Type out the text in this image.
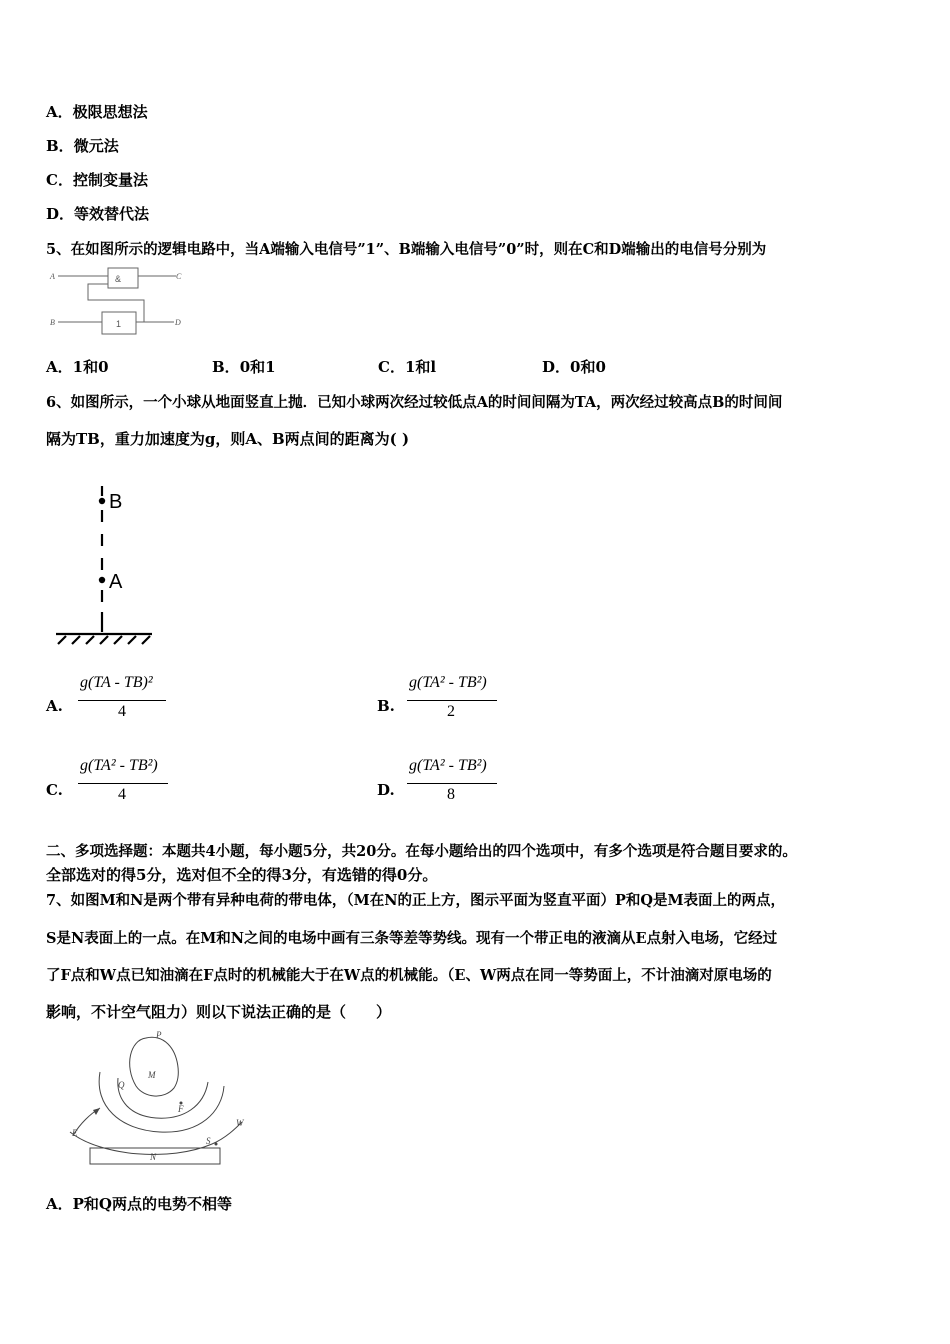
A．极限思想法
B．微元法
C．控制变量法
D．等效替代法
5、在如图所示的逻辑电路中，当A端输入电信号”1”、B端输入电信号”0”时，则在C和D端输出的电信号分别为
&
1
A
B
C
D
A．1和0	B．0和1	C．1和l	D．0和0
6、如图所示，一个小球从地面竖直上抛．已知小球两次经过较低点A的时间间隔为TA，两次经过较高点B的时间间
隔为TB，重力加速度为g，则A、B两点间的距离为( )
B
A
A.
g(TA - TB)²
4	B.
g(TA² - TB²)
2
C.
g(TA² - TB²)
4	D.
g(TA² - TB²)
8
二、多项选择题：本题共4小题，每小题5分，共20分。在每小题给出的四个选项中，有多个选项是符合题目要求的。
全部选对的得5分，选对但不全的得3分，有选错的得0分。
7、如图M和N是两个带有异种电荷的带电体，（M在N的正上方，图示平面为竖直平面）P和Q是M表面上的两点，
S是N表面上的一点。在M和N之间的电场中画有三条等差等势线。现有一个带正电的液滴从E点射入电场，它经过
了F点和W点已知油滴在F点时的机械能大于在W点的机械能。（E、W两点在同一等势面上，不计油滴对原电场的
影响，不计空气阻力）则以下说法正确的是（　　）
P
M
Q
F
W
E
S
N
A．P和Q两点的电势不相等
